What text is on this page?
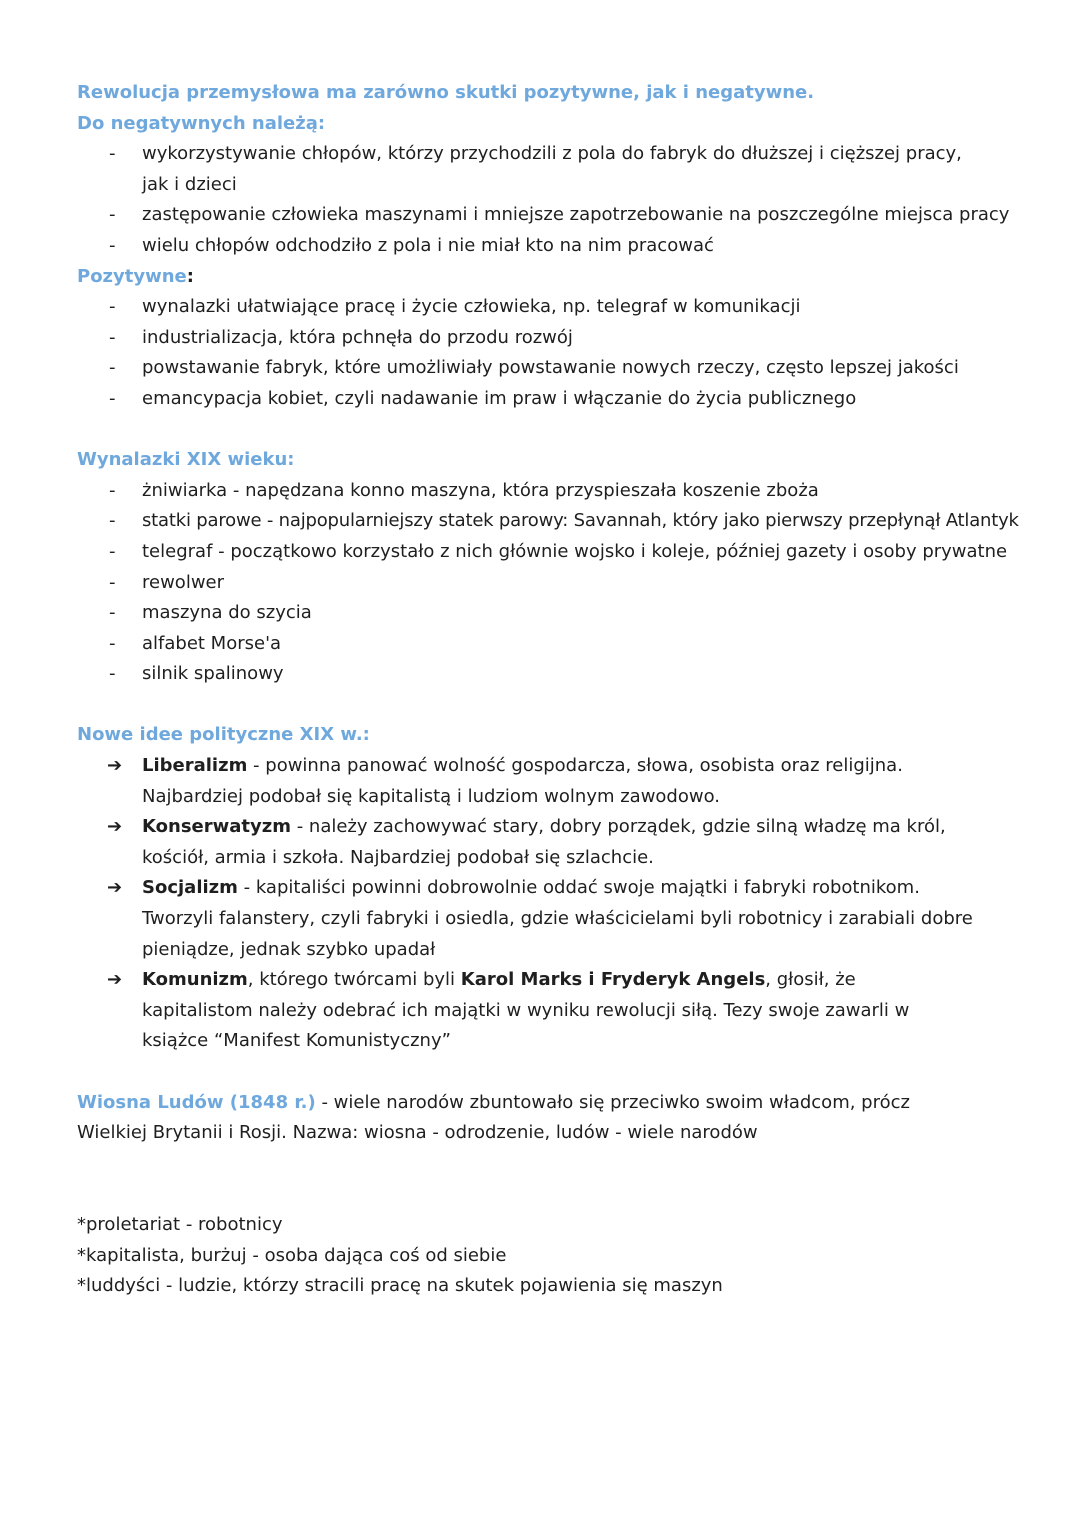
Rewolucja przemysłowa ma zarówno skutki pozytywne, jak i negatywne.

Do negatywnych należą:

- wykorzystywanie chłopów, którzy przychodzili z pola do fabryk do dłuższej i cięższej pracy, jak i dzieci
- zastępowanie człowieka maszynami i mniejsze zapotrzebowanie na poszczególne miejsca pracy
- wielu chłopów odchodziło z pola i nie miał kto na nim pracować

Pozytywne:

- wynalazki ułatwiające pracę i życie człowieka, np. telegraf w komunikacji
- industrializacja, która pchnęła do przodu rozwój
- powstawanie fabryk, które umożliwiały powstawanie nowych rzeczy, często lepszej jakości
- emancypacja kobiet, czyli nadawanie im praw i włączanie do życia publicznego

Wynalazki XIX wieku:

- żniwiarka - napędzana konno maszyna, która przyspieszała koszenie zboża
- statki parowe - najpopularniejszy statek parowy: Savannah, który jako pierwszy przepłynął Atlantyk
- telegraf - początkowo korzystało z nich głównie wojsko i koleje, później gazety i osoby prywatne
- rewolwer
- maszyna do szycia
- alfabet Morse'a
- silnik spalinowy

Nowe idee polityczne XIX w.:

➔ Liberalizm - powinna panować wolność gospodarcza, słowa, osobista oraz religijna. Najbardziej podobał się kapitalistą i ludziom wolnym zawodowo.
➔ Konserwatyzm - należy zachowywać stary, dobry porządek, gdzie silną władzę ma król, kościół, armia i szkoła. Najbardziej podobał się szlachcie.
➔ Socjalizm - kapitaliści powinni dobrowolnie oddać swoje majątki i fabryki robotnikom. Tworzyli falanstery, czyli fabryki i osiedla, gdzie właścicielami byli robotnicy i zarabiali dobre pieniądze, jednak szybko upadał
➔ Komunizm, którego twórcami byli Karol Marks i Fryderyk Angels, głosił, że kapitalistom należy odebrać ich majątki w wyniku rewolucji siłą. Tezy swoje zawarli w książce “Manifest Komunistyczny”

Wiosna Ludów (1848 r.) - wiele narodów zbuntowało się przeciwko swoim władcom, prócz Wielkiej Brytanii i Rosji. Nazwa: wiosna - odrodzenie, ludów - wiele narodów

*proletariat - robotnicy

*kapitalista, burżuj - osoba dająca coś od siebie

*luddyści - ludzie, którzy stracili pracę na skutek pojawienia się maszyn
